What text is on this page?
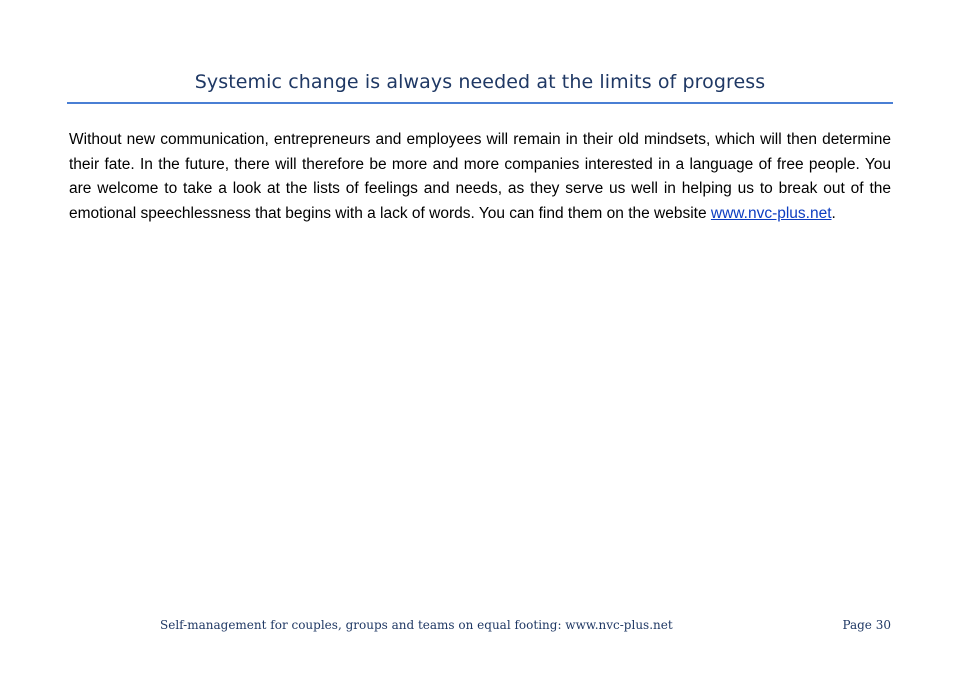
Systemic change is always needed at the limits of progress

Without new communication, entrepreneurs and employees will remain in their old mindsets, which will then determine their fate. In the future, there will therefore be more and more companies interested in a language of free people. You are welcome to take a look at the lists of feelings and needs, as they serve us well in helping us to break out of the emotional speechlessness that begins with a lack of words. You can find them on the website www.nvc-plus.net.

Self-management for couples, groups and teams on equal footing: www.nvc-plus.net	Page 30
